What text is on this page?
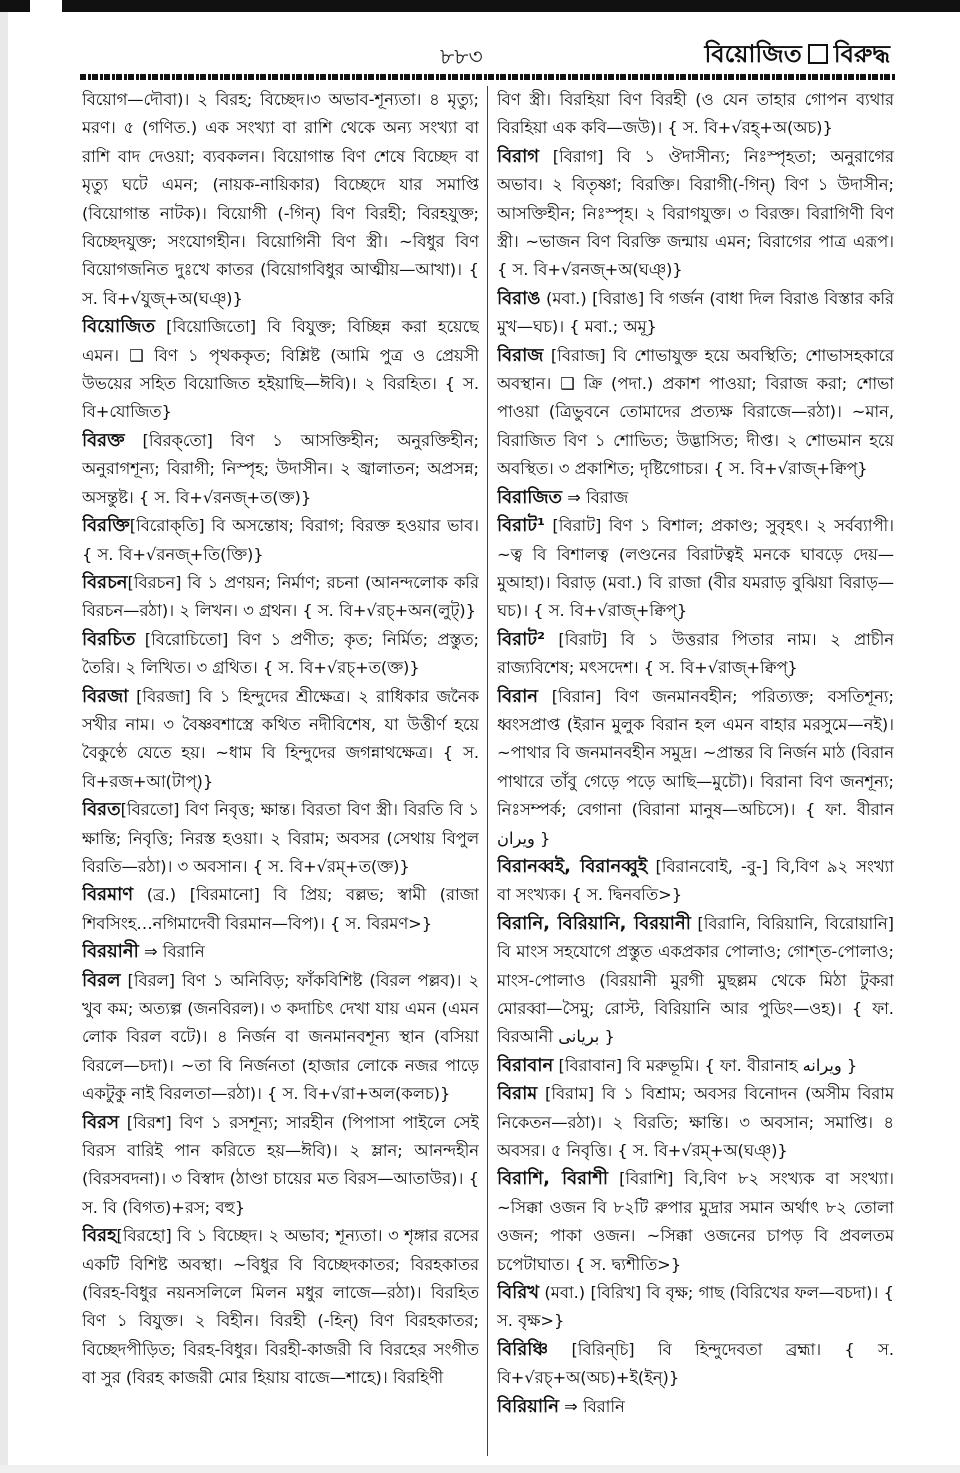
৮৮৩	বিয়োজিত বিরুদ্ধ

বিয়োগ—দৌবা)। ২ বিরহ; বিচ্ছেদ।৩ অভাব-শূন্যতা। ৪ মৃত্যু; মরণ। ৫ (গণিত.) এক সংখ্যা বা রাশি থেকে অন্য সংখ্যা বা রাশি বাদ দেওয়া; ব্যবকলন। বিয়োগান্ত বিণ শেষে বিচ্ছেদ বা মৃত্যু ঘটে এমন; (নায়ক-নায়িকার) বিচ্ছেদে যার সমাপ্তি (বিয়োগান্ত নাটক)। বিয়োগী (-গিন্) বিণ বিরহী; বিরহযুক্ত; বিচ্ছেদযুক্ত; সংযোগহীন। বিয়োগিনী বিণ স্ত্রী। ~বিধুর বিণ বিয়োগজনিত দুঃখে কাতর (বিয়োগবিধুর আত্মীয়—আখা)। { স. বি+√যুজ্+অ(ঘঞ্)}

বিয়োজিত [বিয়োজিতো] বি বিযুক্ত; বিচ্ছিন্ন করা হয়েছে এমন। ❑ বিণ ১ পৃথককৃত; বিশ্লিষ্ট (আমি পুত্র ও প্রেয়সী উভয়ের সহিত বিয়োজিত হইয়াছি—ঈবি)। ২ বিরহিত। { স. বি+যোজিত}

বিরক্ত [বিরক্‌তো] বিণ ১ আসক্তিহীন; অনুরক্তিহীন; অনুরাগশূন্য; বিরাগী; নিস্পৃহ; উদাসীন। ২ জ্বালাতন; অপ্রসন্ন; অসন্তুষ্ট। { স. বি+√রনজ্+ত(ক্ত)}

বিরক্তি[বিরোক্‌তি] বি অসন্তোষ; বিরাগ; বিরক্ত হওয়ার ভাব। { স. বি+√রনজ্+তি(ক্তি)}

বিরচন[বিরচন] বি ১ প্রণয়ন; নির্মাণ; রচনা (আনন্দলোক করি বিরচন—রঠা)। ২ লিখন। ৩ গ্রথন। { স. বি+√রচ্+অন(লুট্)}

বিরচিত [বিরোচিতো] বিণ ১ প্রণীত; কৃত; নির্মিত; প্রস্তুত; তৈরি। ২ লিখিত। ৩ গ্রথিত। { স. বি+√রচ্+ত(ক্ত)}

বিরজা [বিরজা] বি ১ হিন্দুদের শ্রীক্ষেত্র। ২ রাধিকার জনৈক সখীর নাম। ৩ বৈষ্ণবশাস্ত্রে কথিত নদীবিশেষ, যা উত্তীর্ণ হয়ে বৈকুণ্ঠে যেতে হয়। ~ধাম বি হিন্দুদের জগন্নাথক্ষেত্র। { স. বি+রজ+আ(টাপ্)}

বিরত[বিরতো] বিণ নিবৃত্ত; ক্ষান্ত। বিরতা বিণ স্ত্রী। বিরতি বি ১ ক্ষান্তি; নিবৃত্তি; নিরস্ত হওয়া। ২ বিরাম; অবসর (সেথায় বিপুল বিরতি—রঠা)। ৩ অবসান। { স. বি+√রম্+ত(ক্ত)}

বিরমাণ (ব্র.) [বিরমানো] বি প্রিয়; বল্লভ; স্বামী (রাজা শিবসিংহ…নগিমাদেবী বিরমান—বিপ)। { স. বিরমণ>}

বিরয়ানী ⇒ বিরানি

বিরল [বিরল] বিণ ১ অনিবিড়; ফাঁকবিশিষ্ট (বিরল পল্লব)। ২ খুব কম; অত্যল্প (জনবিরল)। ৩ কদাচিৎ দেখা যায় এমন (এমন লোক বিরল বটে)। ৪ নির্জন বা জনমানবশূন্য স্থান (বসিয়া বিরলে—চদা)। ~তা বি নির্জনতা (হাজার লোকে নজর পাড়ে একটুকু নাই বিরলতা—রঠা)। { স. বি+√রা+অল(কলচ)}

বিরস [বিরশ] বিণ ১ রসশূন্য; সারহীন (পিপাসা পাইলে সেই বিরস বারিই পান করিতে হয়—ঈবি)। ২ ম্লান; আনন্দহীন (বিরসবদনা)। ৩ বিস্বাদ (ঠাণ্ডা চায়ের মত বিরস—আতাউর)। { স. বি (বিগত)+রস; বহু}

বিরহ[বিরহো] বি ১ বিচ্ছেদ। ২ অভাব; শূন্যতা। ৩ শৃঙ্গার রসের একটি বিশিষ্ট অবস্থা। ~বিধুর বি বিচ্ছেদকাতর; বিরহকাতর (বিরহ-বিধুর নয়নসলিলে মিলন মধুর লাজে—রঠা)। বিরহিত বিণ ১ বিযুক্ত। ২ বিহীন। বিরহী (-হিন্) বিণ বিরহকাতর; বিচ্ছেদপীড়িত; বিরহ-বিধুর। বিরহী-কাজরী বি বিরহের সংগীত বা সুর (বিরহ কাজরী মোর হিয়ায় বাজে—শাহে)। বিরহিণী

বিণ স্ত্রী। বিরহিয়া বিণ বিরহী (ও যেন তাহার গোপন ব্যথার বিরহিয়া এক কবি—জউ)। { স. বি+√রহ্+অ(অচ)}

বিরাগ [বিরাগ] বি ১ ঔদাসীন্য; নিঃস্পৃহতা; অনুরাগের অভাব। ২ বিতৃষ্ণা; বিরক্তি। বিরাগী(-গিন্) বিণ ১ উদাসীন; আসক্তিহীন; নিঃস্পৃহ। ২ বিরাগযুক্ত। ৩ বিরক্ত। বিরাগিণী বিণ স্ত্রী। ~ভাজন বিণ বিরক্তি জন্মায় এমন; বিরাগের পাত্র এরূপ। { স. বি+√রনজ্+অ(ঘঞ্)}

বিরাঙ (মবা.) [বিরাঙ] বি গর্জন (বাধা দিল বিরাঙ বিস্তার করি মুখ—ঘচ)। { মবা.; অমূ}

বিরাজ [বিরাজ] বি শোভাযুক্ত হয়ে অবস্থিতি; শোভাসহকারে অবস্থান। ❑ ক্রি (পদা.) প্রকাশ পাওয়া; বিরাজ করা; শোভা পাওয়া (ত্রিভুবনে তোমাদের প্রত্যক্ষ বিরাজে—রঠা)। ~মান, বিরাজিত বিণ ১ শোভিত; উদ্ভাসিত; দীপ্ত। ২ শোভমান হয়ে অবস্থিত। ৩ প্রকাশিত; দৃষ্টিগোচর। { স. বি+√রাজ্+ক্বিপ্}

বিরাজিত ⇒ বিরাজ

বিরাট¹ [বিরাট] বিণ ১ বিশাল; প্রকাণ্ড; সুবৃহৎ। ২ সর্বব্যাপী। ~ত্ব বি বিশালত্ব (লণ্ডনের বিরাটত্বই মনকে ঘাবড়ে দেয়—মুআহা)। বিরাড় (মবা.) বি রাজা (বীর যমরাড় বুঝিয়া বিরাড়—ঘচ)। { স. বি+√রাজ্+ক্বিপ্}

বিরাট² [বিরাট] বি ১ উত্তরার পিতার নাম। ২ প্রাচীন রাজ্যবিশেষ; মৎসদেশ। { স. বি+√রাজ্+ক্বিপ্}

বিরান [বিরান] বিণ জনমানবহীন; পরিত্যক্ত; বসতিশূন্য; ধ্বংসপ্রাপ্ত (ইরান মুলুক বিরান হল এমন বাহার মরসুমে—নই)। ~পাথার বি জনমানবহীন সমুদ্র। ~প্রান্তর বি নির্জন মাঠ (বিরান পাথারে তাঁবু গেড়ে পড়ে আছি—মুচৌ)। বিরানা বিণ জনশূন্য; নিঃসম্পর্ক; বেগানা (বিরানা মানুষ—অচিসে)। { ফা. বীরান ویران }

বিরানব্বই, বিরানব্বুই [বিরানবোই, -বু-] বি,বিণ ৯২ সংখ্যা বা সংখ্যক। { স. দ্বিনবতি>}

বিরানি, বিরিয়ানি, বিরয়ানী [বিরানি, বিরিয়ানি, বিরোয়ানি] বি মাংস সহযোগে প্রস্তুত একপ্রকার পোলাও; গোশ্‌ত-পোলাও; মাংস-পোলাও (বিরয়ানী মুরগী মুছল্লম থেকে মিঠা টুকরা মোরব্বা—সৈমু; রোস্ট, বিরিয়ানি আর পুডিং—ওহ)। { ফা. বিরআনী بریانی }

বিরাবান [বিরাবান] বি মরুভূমি। { ফা. বীরানাহ ویرانه }

বিরাম [বিরাম] বি ১ বিশ্রাম; অবসর বিনোদন (অসীম বিরাম নিকেতন—রঠা)। ২ বিরতি; ক্ষান্তি। ৩ অবসান; সমাপ্তি। ৪ অবসর। ৫ নিবৃত্তি। { স. বি+√রম্+অ(ঘঞ্)}

বিরাশি, বিরাশী [বিরাশি] বি,বিণ ৮২ সংখ্যক বা সংখ্যা। ~সিক্কা ওজন বি ৮২টি রুপার মুদ্রার সমান অর্থাৎ ৮২ তোলা ওজন; পাকা ওজন। ~সিক্কা ওজনের চাপড় বি প্রবলতম চপেটাঘাত। { স. দ্ব্যশীতি>}

বিরিখ (মবা.) [বিরিখ] বি বৃক্ষ; গাছ (বিরিখের ফল—বচদা)। { স. বৃক্ষ>}

বিরিঞ্চি [বিরিন্‌চি] বি হিন্দুদেবতা ব্রহ্মা। { স. বি+√রচ্+অ(অচ)+ই(ইন্)}

বিরিয়ানি ⇒ বিরানি
